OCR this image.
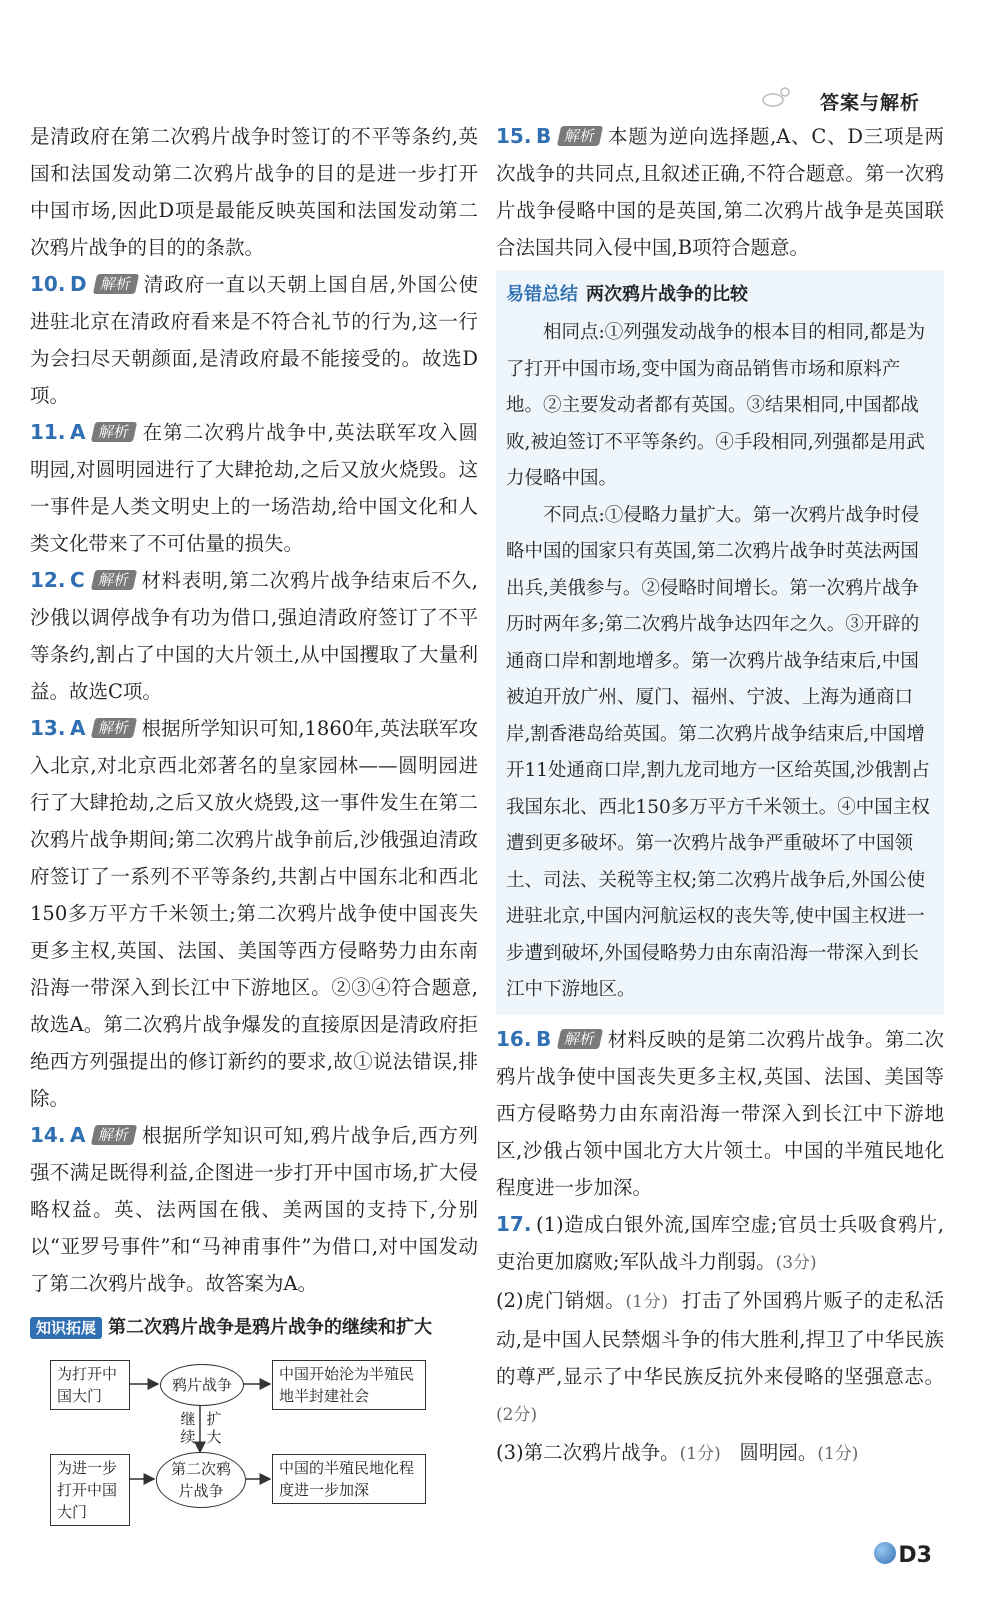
答案与解析

是清政府在第二次鸦片战争时签订的不平等条约,英国和法国发动第二次鸦片战争的目的是进一步打开中国市场,因此D项是最能反映英国和法国发动第二次鸦片战争的目的的条款。

10. D 解析 清政府一直以天朝上国自居,外国公使进驻北京在清政府看来是不符合礼节的行为,这一行为会扫尽天朝颜面,是清政府最不能接受的。故选D项。

11. A 解析 在第二次鸦片战争中,英法联军攻入圆明园,对圆明园进行了大肆抢劫,之后又放火烧毁。这一事件是人类文明史上的一场浩劫,给中国文化和人类文化带来了不可估量的损失。

12. C 解析 材料表明,第二次鸦片战争结束后不久,沙俄以调停战争有功为借口,强迫清政府签订了不平等条约,割占了中国的大片领土,从中国攫取了大量利益。故选C项。

13. A 解析 根据所学知识可知,1860年,英法联军攻入北京,对北京西北郊著名的皇家园林——圆明园进行了大肆抢劫,之后又放火烧毁,这一事件发生在第二次鸦片战争期间;第二次鸦片战争前后,沙俄强迫清政府签订了一系列不平等条约,共割占中国东北和西北150多万平方千米领土;第二次鸦片战争使中国丧失更多主权,英国、法国、美国等西方侵略势力由东南沿海一带深入到长江中下游地区。②③④符合题意,故选A。第二次鸦片战争爆发的直接原因是清政府拒绝西方列强提出的修订新约的要求,故①说法错误,排除。

14. A 解析 根据所学知识可知,鸦片战争后,西方列强不满足既得利益,企图进一步打开中国市场,扩大侵略权益。英、法两国在俄、美两国的支持下,分别以“亚罗号事件”和“马神甫事件”为借口,对中国发动了第二次鸦片战争。故答案为A。

知识拓展 第二次鸦片战争是鸦片战争的继续和扩大
为打开中国大门
鸦片战争
中国开始沦为半殖民地半封建社会
继续
扩大
为进一步打开中国大门
第二次鸦片战争
中国的半殖民地化程度进一步加深

15. B 解析 本题为逆向选择题,A、C、D三项是两次战争的共同点,且叙述正确,不符合题意。第一次鸦片战争侵略中国的是英国,第二次鸦片战争是英国联合法国共同入侵中国,B项符合题意。

易错总结 两次鸦片战争的比较

相同点:①列强发动战争的根本目的相同,都是为了打开中国市场,变中国为商品销售市场和原料产地。②主要发动者都有英国。③结果相同,中国都战败,被迫签订不平等条约。④手段相同,列强都是用武力侵略中国。

不同点:①侵略力量扩大。第一次鸦片战争时侵略中国的国家只有英国,第二次鸦片战争时英法两国出兵,美俄参与。②侵略时间增长。第一次鸦片战争历时两年多;第二次鸦片战争达四年之久。③开辟的通商口岸和割地增多。第一次鸦片战争结束后,中国被迫开放广州、厦门、福州、宁波、上海为通商口岸,割香港岛给英国。第二次鸦片战争结束后,中国增开11处通商口岸,割九龙司地方一区给英国,沙俄割占我国东北、西北150多万平方千米领土。④中国主权遭到更多破坏。第一次鸦片战争严重破坏了中国领土、司法、关税等主权;第二次鸦片战争后,外国公使进驻北京,中国内河航运权的丧失等,使中国主权进一步遭到破坏,外国侵略势力由东南沿海一带深入到长江中下游地区。

16. B 解析 材料反映的是第二次鸦片战争。第二次鸦片战争使中国丧失更多主权,英国、法国、美国等西方侵略势力由东南沿海一带深入到长江中下游地区,沙俄占领中国北方大片领土。中国的半殖民地化程度进一步加深。

17. (1)造成白银外流,国库空虚;官员士兵吸食鸦片,吏治更加腐败;军队战斗力削弱。(3分)

(2)虎门销烟。(1分) 打击了外国鸦片贩子的走私活动,是中国人民禁烟斗争的伟大胜利,捍卫了中华民族的尊严,显示了中华民族反抗外来侵略的坚强意志。(2分)

(3)第二次鸦片战争。(1分) 圆明园。(1分)

D3
